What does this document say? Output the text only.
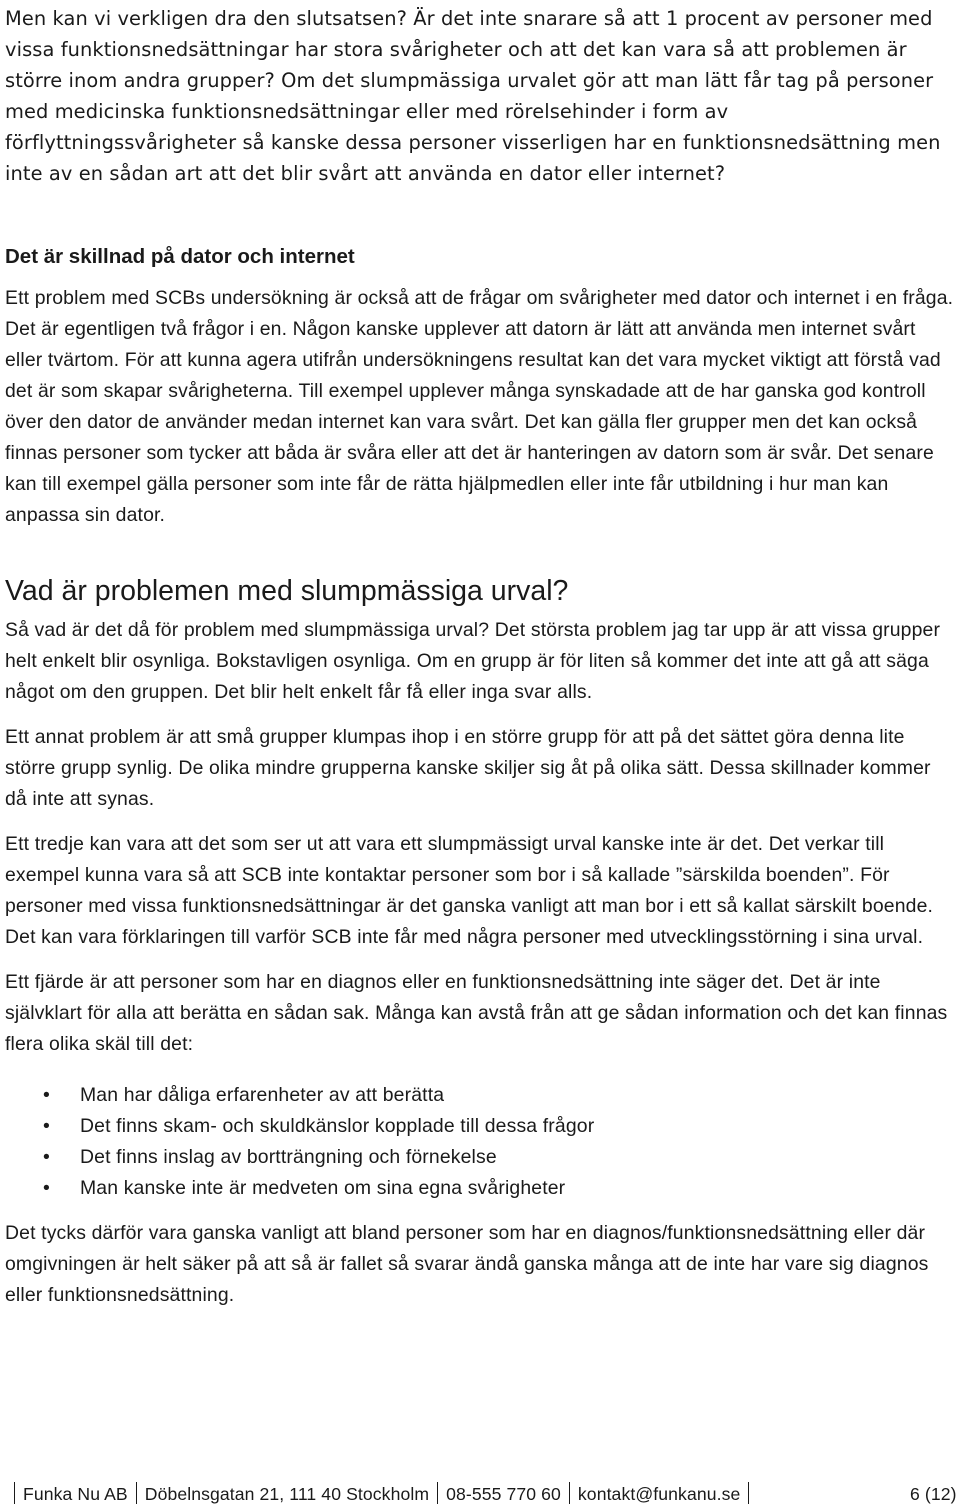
Men kan vi verkligen dra den slutsatsen? Är det inte snarare så att 1 procent av personer med vissa funktionsnedsättningar har stora svårigheter och att det kan vara så att problemen är större inom andra grupper? Om det slumpmässiga urvalet gör att man lätt får tag på personer med medicinska funktionsnedsättningar eller med rörelsehinder i form av förflyttningssvårigheter så kanske dessa personer visserligen har en funktionsnedsättning men inte av en sådan art att det blir svårt att använda en dator eller internet?

Det är skillnad på dator och internet

Ett problem med SCBs undersökning är också att de frågar om svårigheter med dator och internet i en fråga. Det är egentligen två frågor i en. Någon kanske upplever att datorn är lätt att använda men internet svårt eller tvärtom. För att kunna agera utifrån undersökningens resultat kan det vara mycket viktigt att förstå vad det är som skapar svårigheterna. Till exempel upplever många synskadade att de har ganska god kontroll över den dator de använder medan internet kan vara svårt. Det kan gälla fler grupper men det kan också finnas personer som tycker att båda är svåra eller att det är hanteringen av datorn som är svår. Det senare kan till exempel gälla personer som inte får de rätta hjälpmedlen eller inte får utbildning i hur man kan anpassa sin dator.

Vad är problemen med slumpmässiga urval?

Så vad är det då för problem med slumpmässiga urval? Det största problem jag tar upp är att vissa grupper helt enkelt blir osynliga. Bokstavligen osynliga. Om en grupp är för liten så kommer det inte att gå att säga något om den gruppen. Det blir helt enkelt får få eller inga svar alls.

Ett annat problem är att små grupper klumpas ihop i en större grupp för att på det sättet göra denna lite större grupp synlig. De olika mindre grupperna kanske skiljer sig åt på olika sätt. Dessa skillnader kommer då inte att synas.

Ett tredje kan vara att det som ser ut att vara ett slumpmässigt urval kanske inte är det. Det verkar till exempel kunna vara så att SCB inte kontaktar personer som bor i så kallade ”särskilda boenden”. För personer med vissa funktionsnedsättningar är det ganska vanligt att man bor i ett så kallat särskilt boende. Det kan vara förklaringen till varför SCB inte får med några personer med utvecklingsstörning i sina urval.

Ett fjärde är att personer som har en diagnos eller en funktionsnedsättning inte säger det. Det är inte självklart för alla att berätta en sådan sak. Många kan avstå från att ge sådan information och det kan finnas flera olika skäl till det:

• Man har dåliga erfarenheter av att berätta
• Det finns skam- och skuldkänslor kopplade till dessa frågor
• Det finns inslag av bortträngning och förnekelse
• Man kanske inte är medveten om sina egna svårigheter

Det tycks därför vara ganska vanligt att bland personer som har en diagnos/funktionsnedsättning eller där omgivningen är helt säker på att så är fallet så svarar ändå ganska många att de inte har vare sig diagnos eller funktionsnedsättning.

Funka Nu AB Döbelnsgatan 21, 111 40 Stockholm 08-555 770 60 kontakt@funkanu.se	6 (12)
